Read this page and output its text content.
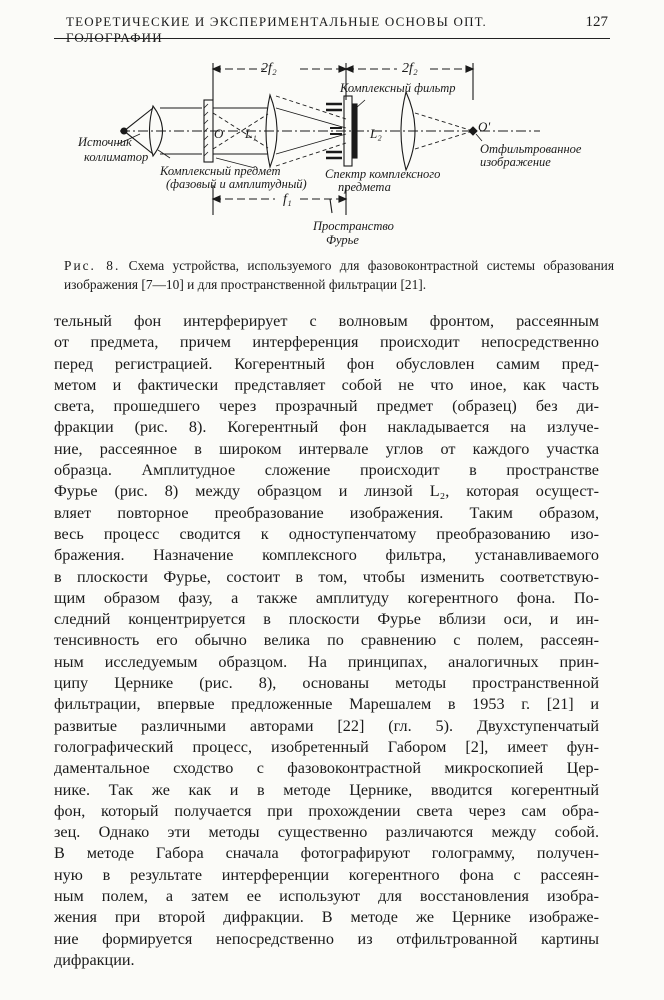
ТЕОРЕТИЧЕСКИЕ И ЭКСПЕРИМЕНТАЛЬНЫЕ ОСНОВЫ ОПТ. ГОЛОГРАФИИ
127
2f₂	2f₂
f₁
Комплексный фильтр
Источник
коллиматор
O L₁	L₂	O'
Отфильтрованное
изображение
Комплексный предмет
(фазовый и амплитудный)
Спектр комплексного
предмета
Пространство
Фурье
Рис. 8. Схема устройства, используемого для фазовоконтрастной системы образования изображения [7—10] и для пространственной фильтрации [21].
тельный фон интерферирует с волновым фронтом, рассеянным
от предмета, причем интерференция происходит непосредственно
перед регистрацией. Когерентный фон обусловлен самим пред-
метом и фактически представляет собой не что иное, как часть
света, прошедшего через прозрачный предмет (образец) без ди-
фракции (рис. 8). Когерентный фон накладывается на излуче-
ние, рассеянное в широком интервале углов от каждого участка
образца. Амплитудное сложение происходит в пространстве
Фурье (рис. 8) между образцом и линзой L₂, которая осущест-
вляет повторное преобразование изображения. Таким образом,
весь процесс сводится к одноступенчатому преобразованию изо-
бражения. Назначение комплексного фильтра, устанавливаемого
в плоскости Фурье, состоит в том, чтобы изменить соответствую-
щим образом фазу, а также амплитуду когерентного фона. По-
следний концентрируется в плоскости Фурье вблизи оси, и ин-
тенсивность его обычно велика по сравнению с полем, рассеян-
ным исследуемым образцом. На принципах, аналогичных прин-
ципу Цернике (рис. 8), основаны методы пространственной
фильтрации, впервые предложенные Марешалем в 1953 г. [21] и
развитые различными авторами [22] (гл. 5). Двухступенчатый
голографический процесс, изобретенный Габором [2], имеет фун-
даментальное сходство с фазовоконтрастной микроскопией Цер-
нике. Так же как и в методе Цернике, вводится когерентный
фон, который получается при прохождении света через сам обра-
зец. Однако эти методы существенно различаются между собой.
В методе Габора сначала фотографируют голограмму, получен-
ную в результате интерференции когерентного фона с рассеян-
ным полем, а затем ее используют для восстановления изобра-
жения при второй дифракции. В методе же Цернике изображе-
ние формируется непосредственно из отфильтрованной картины
дифракции.
